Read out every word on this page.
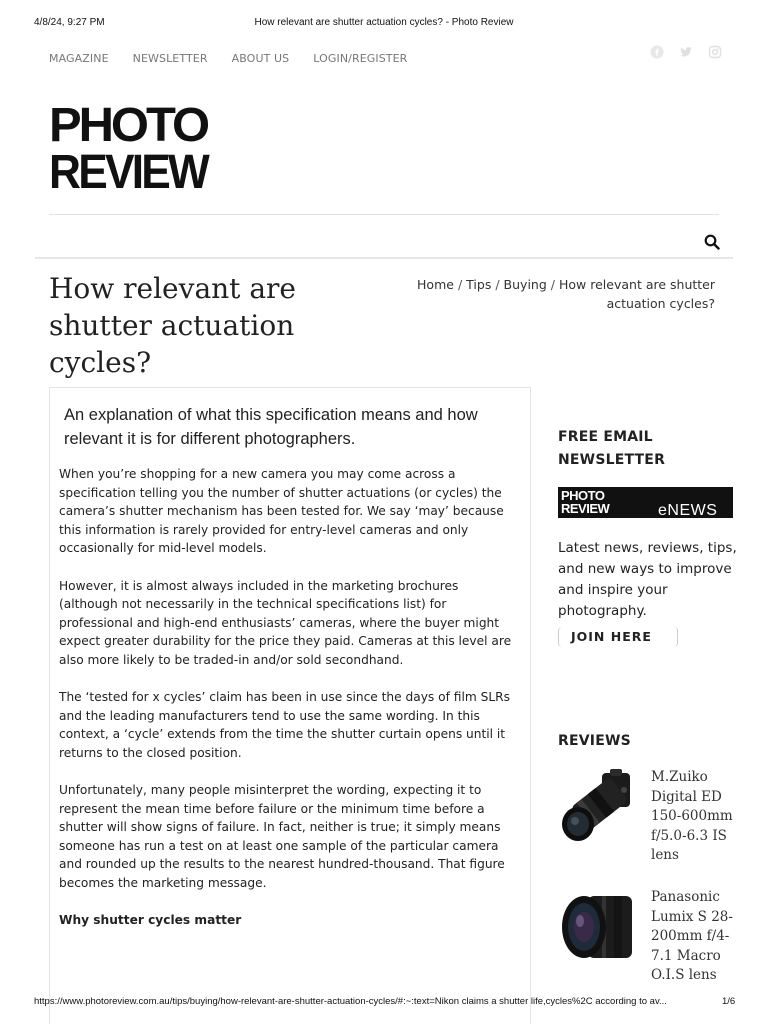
4/8/24, 9:27 PM	How relevant are shutter actuation cycles? - Photo Review
MAGAZINE NEWSLETTER ABOUT US LOGIN/REGISTER
PHOTO
REVIEW
How relevant are shutter actuation cycles?
Home / Tips / Buying / How relevant are shutter actuation cycles?

An explanation of what this specification means and how relevant it is for different photographers.

When you’re shopping for a new camera you may come across a specification telling you the number of shutter actuations (or cycles) the camera’s shutter mechanism has been tested for. We say ‘may’ because this information is rarely provided for entry-level cameras and only occasionally for mid-level models.

However, it is almost always included in the marketing brochures (although not necessarily in the technical specifications list) for professional and high-end enthusiasts’ cameras, where the buyer might expect greater durability for the price they paid. Cameras at this level are also more likely to be traded-in and/or sold secondhand.

The ‘tested for x cycles’ claim has been in use since the days of film SLRs and the leading manufacturers tend to use the same wording. In this context, a ‘cycle’ extends from the time the shutter curtain opens until it returns to the closed position.

Unfortunately, many people misinterpret the wording, expecting it to represent the mean time before failure or the minimum time before a shutter will show signs of failure. In fact, neither is true; it simply means someone has run a test on at least one sample of the particular camera and rounded up the results to the nearest hundred-thousand. That figure becomes the marketing message.

Why shutter cycles matter

FREE EMAIL NEWSLETTER
PHOTO
REVIEW	eNEWS

Latest news, reviews, tips, and new ways to improve and inspire your photography.

JOIN HERE
REVIEWS
M.Zuiko Digital ED 150-600mm f/5.0-6.3 IS lens
Panasonic Lumix S 28-200mm f/4-7.1 Macro O.I.S lens
https://www.photoreview.com.au/tips/buying/how-relevant-are-shutter-actuation-cycles/#:~:text=Nikon claims a shutter life,cycles%2C according to av...	1/6
